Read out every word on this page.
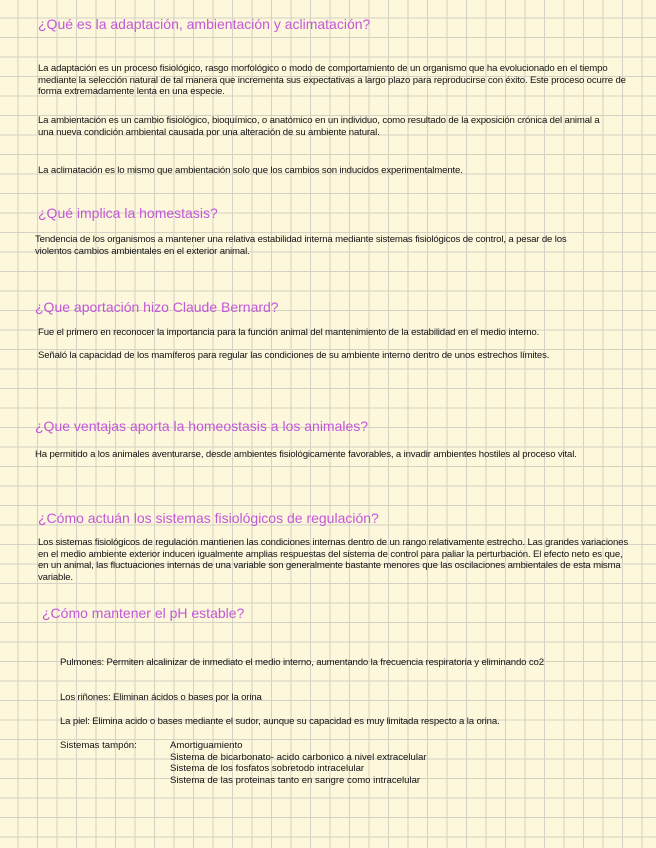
¿Qué es la adaptación, ambientación y aclimatación?

La adaptación es un proceso fisiológico, rasgo morfológico o modo de comportamiento de un organismo que ha evolucionado en el tiempo mediante la selección natural de tal manera que incrementa sus expectativas a largo plazo para reproducirse con éxito. Este proceso ocurre de forma extremadamente lenta en una especie.

La ambientación es un cambio fisiológico, bioquímico, o anatómico en un individuo, como resultado de la exposición crónica del animal a una nueva condición ambiental causada por una alteración de su ambiente natural.

La aclimatación es lo mismo que ambientación solo que los cambios son inducidos experimentalmente.

¿Qué implica la homestasis?

Tendencia de los organismos a mantener una relativa estabilidad interna mediante sistemas fisiológicos de control, a pesar de los violentos cambios ambientales en el exterior animal.

¿Que aportación hizo Claude Bernard?

Fue el primero en reconocer la importancia para la función animal del mantenimiento de la estabilidad en el medio interno.

Señaló la capacidad de los mamíferos para regular las condiciones de su ambiente interno dentro de unos estrechos límites.

¿Que ventajas aporta la homeostasis a los animales?

Ha permitido a los animales aventurarse, desde ambientes fisiológicamente favorables, a invadir ambientes hostiles al proceso vital.

¿Cómo actuán los sistemas fisiológicos de regulación?

Los sistemas fisiológicos de regulación mantienen las condiciones internas dentro de un rango relativamente estrecho. Las grandes variaciones en el medio ambiente exterior inducen igualmente amplias respuestas del sistema de control para paliar la perturbación. El efecto neto es que, en un animal, las fluctuaciones internas de una variable son generalmente bastante menores que las oscilaciones ambientales de esta misma variable.

¿Cómo mantener el pH estable?

Pulmones: Permiten alcalinizar de inmediato el medio interno, aumentando la frecuencia respiratoria y eliminando co2

Los riñones: Eliminan ácidos o bases por la orina

La piel: Elimina acido o bases mediante el sudor, aunque su capacidad es muy limitada respecto a la orina.

Sistemas tampón:	Amortiguamiento
Sistema de bicarbonato- acido carbonico a nivel extracelular
Sistema de los fosfatos sobretodo intracelular
Sistema de las proteinas tanto en sangre como intracelular
